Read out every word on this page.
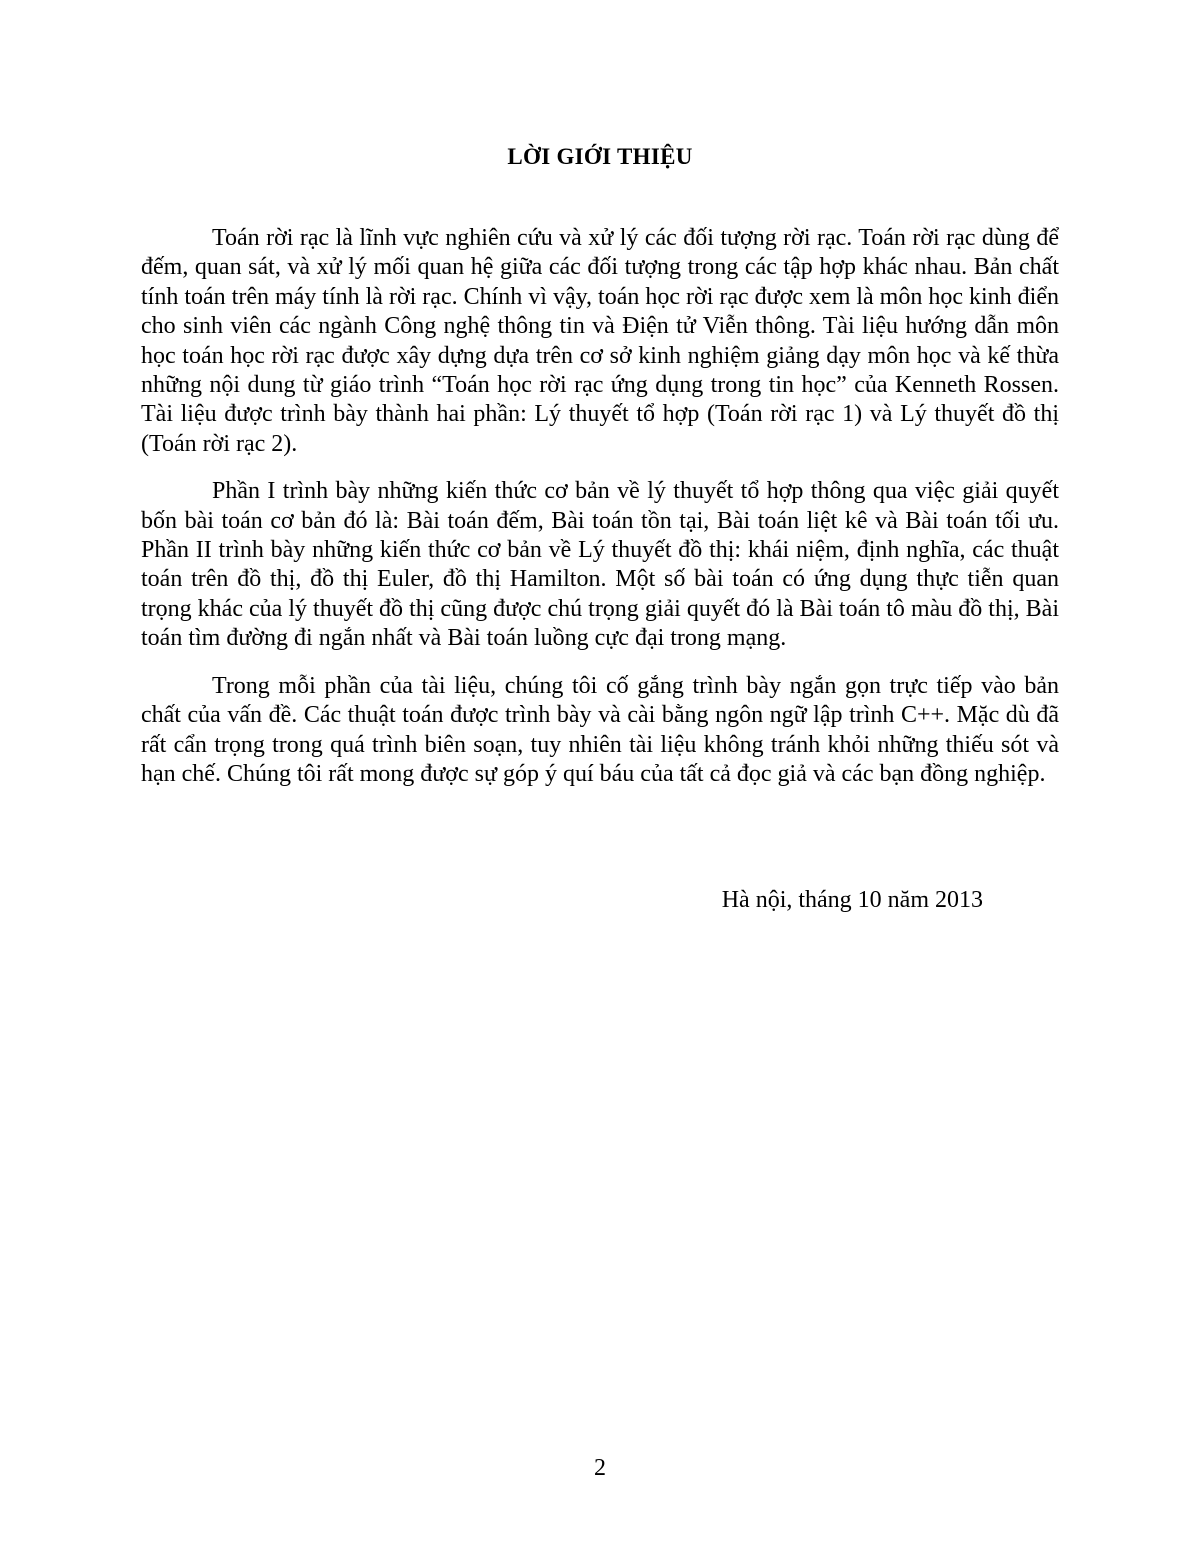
LỜI GIỚI THIỆU

Toán rời rạc là lĩnh vực nghiên cứu và xử lý các đối tượng rời rạc. Toán rời rạc dùng để đếm, quan sát, và xử lý mối quan hệ giữa các đối tượng trong các tập hợp khác nhau. Bản chất tính toán trên máy tính là rời rạc. Chính vì vậy, toán học rời rạc được xem là môn học kinh điển cho sinh viên các ngành Công nghệ thông tin và Điện tử Viễn thông. Tài liệu hướng dẫn môn học toán học rời rạc được xây dựng dựa trên cơ sở kinh nghiệm giảng dạy môn học và kế thừa những nội dung từ giáo trình “Toán học rời rạc ứng dụng trong tin học” của Kenneth Rossen. Tài liệu được trình bày thành hai phần: Lý thuyết tổ hợp (Toán rời rạc 1) và Lý thuyết đồ thị (Toán rời rạc 2).

Phần I trình bày những kiến thức cơ bản về lý thuyết tổ hợp thông qua việc giải quyết bốn bài toán cơ bản đó là: Bài toán đếm, Bài toán tồn tại, Bài toán liệt kê và Bài toán tối ưu. Phần II trình bày những kiến thức cơ bản về Lý thuyết đồ thị: khái niệm, định nghĩa, các thuật toán trên đồ thị, đồ thị Euler, đồ thị Hamilton. Một số bài toán có ứng dụng thực tiễn quan trọng khác của lý thuyết đồ thị cũng được chú trọng giải quyết đó là Bài toán tô màu đồ thị, Bài toán tìm đường đi ngắn nhất và Bài toán luồng cực đại trong mạng.

Trong mỗi phần của tài liệu, chúng tôi cố gắng trình bày ngắn gọn trực tiếp vào bản chất của vấn đề. Các thuật toán được trình bày và cài bằng ngôn ngữ lập trình C++. Mặc dù đã rất cẩn trọng trong quá trình biên soạn, tuy nhiên tài liệu không tránh khỏi những thiếu sót và hạn chế. Chúng tôi rất mong được sự góp ý quí báu của tất cả đọc giả và các bạn đồng nghiệp.

Hà nội, tháng 10 năm 2013
2
